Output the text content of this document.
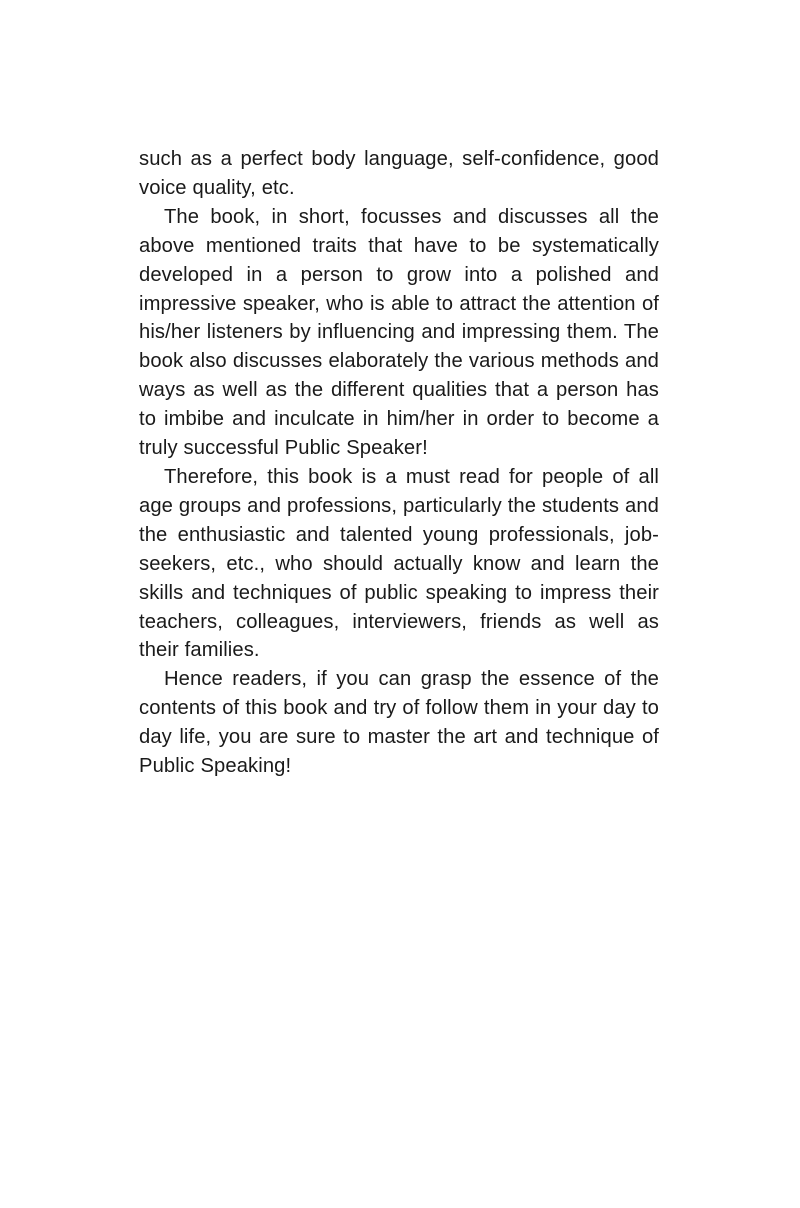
such as a perfect body language, self-confidence, good voice quality, etc.

The book, in short, focusses and discusses all the above mentioned traits that have to be systematically developed in a person to grow into a polished and impressive speaker, who is able to attract the attention of his/her listeners by influencing and impressing them. The book also discusses elaborately the various methods and ways as well as the different qualities that a person has to imbibe and inculcate in him/her in order to become a truly successful Public Speaker!

Therefore, this book is a must read for people of all age groups and professions, particularly the students and the enthusiastic and talented young professionals, job-seekers, etc., who should actually know and learn the skills and techniques of public speaking to impress their teachers, colleagues, interviewers, friends as well as their families.

Hence readers, if you can grasp the essence of the contents of this book and try of follow them in your day to day life, you are sure to master the art and technique of Public Speaking!
